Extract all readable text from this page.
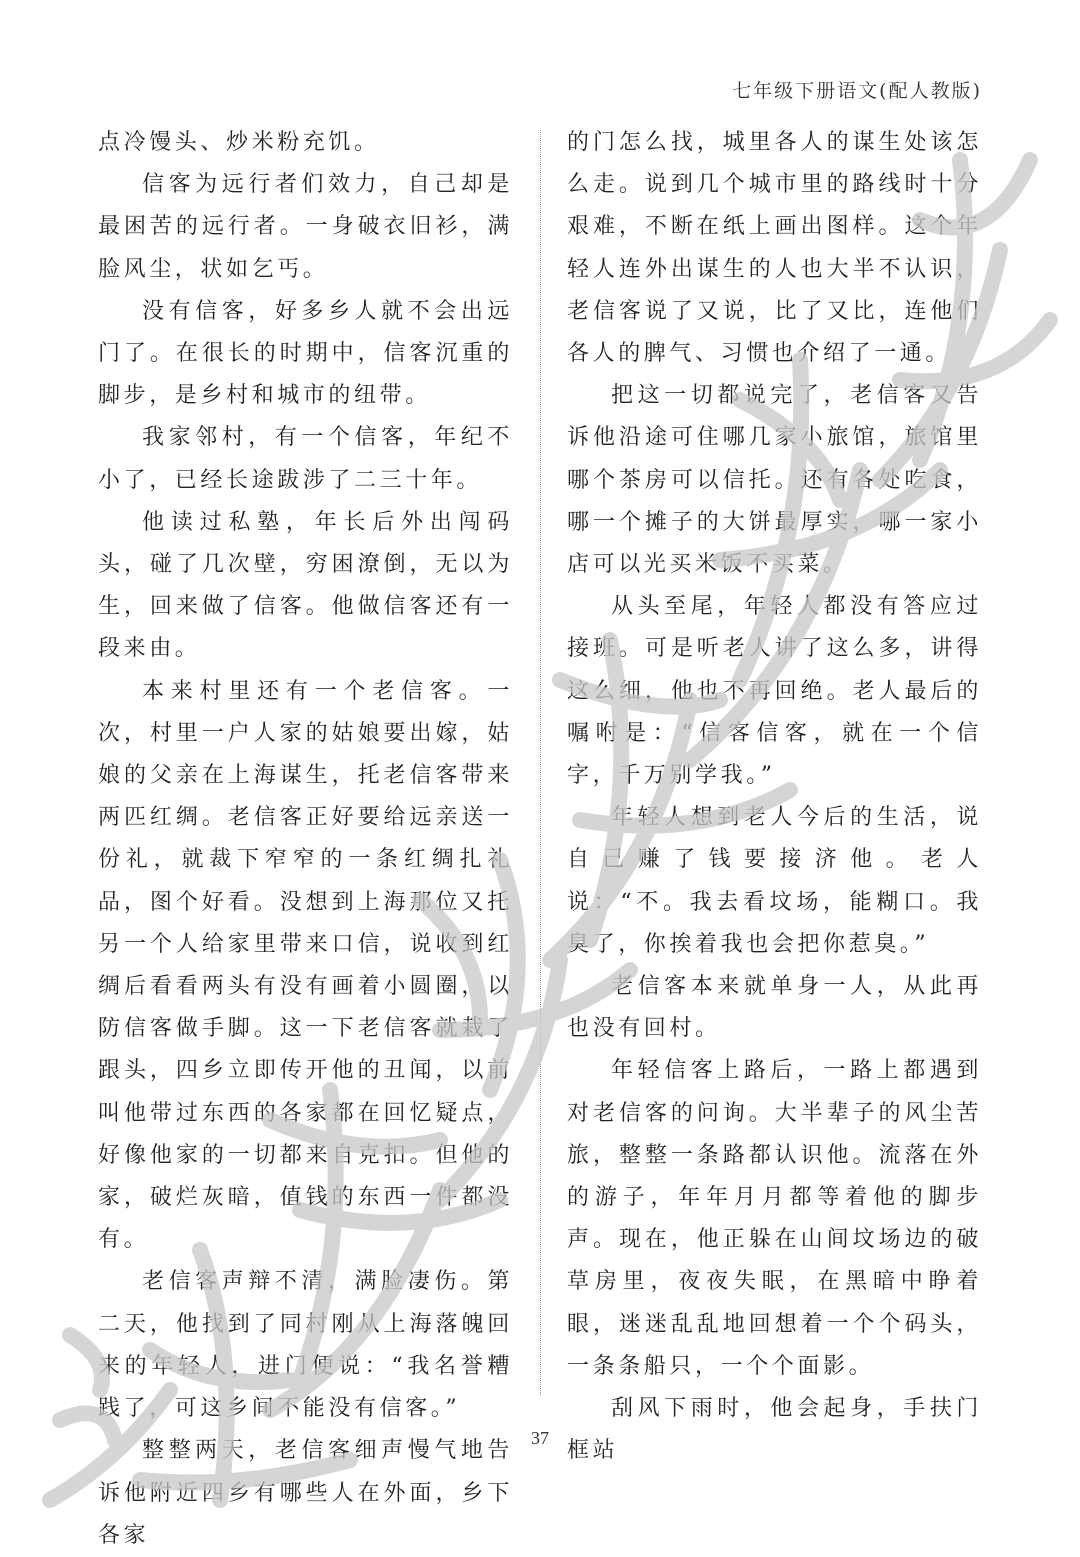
七年级下册语文(配人教版)

点冷馒头、炒米粉充饥。

信客为远行者们效力，自己却是最困苦的远行者。一身破衣旧衫，满脸风尘，状如乞丐。

没有信客，好多乡人就不会出远门了。在很长的时期中，信客沉重的脚步，是乡村和城市的纽带。

我家邻村，有一个信客，年纪不小了，已经长途跋涉了二三十年。

他读过私塾，年长后外出闯码头，碰了几次壁，穷困潦倒，无以为生，回来做了信客。他做信客还有一段来由。

本来村里还有一个老信客。一次，村里一户人家的姑娘要出嫁，姑娘的父亲在上海谋生，托老信客带来两匹红绸。老信客正好要给远亲送一份礼，就裁下窄窄的一条红绸扎礼品，图个好看。没想到上海那位又托另一个人给家里带来口信，说收到红绸后看看两头有没有画着小圆圈，以防信客做手脚。这一下老信客就栽了跟头，四乡立即传开他的丑闻，以前叫他带过东西的各家都在回忆疑点，好像他家的一切都来自克扣。但他的家，破烂灰暗，值钱的东西一件都没有。

老信客声辩不清，满脸凄伤。第二天，他找到了同村刚从上海落魄回来的年轻人，进门便说：“我名誉糟践了，可这乡间不能没有信客。”

整整两天，老信客细声慢气地告诉他附近四乡有哪些人在外面，乡下各家

的门怎么找，城里各人的谋生处该怎么走。说到几个城市里的路线时十分艰难，不断在纸上画出图样。这个年轻人连外出谋生的人也大半不认识，老信客说了又说，比了又比，连他们各人的脾气、习惯也介绍了一通。

把这一切都说完了，老信客又告诉他沿途可住哪几家小旅馆，旅馆里哪个茶房可以信托。还有各处吃食，哪一个摊子的大饼最厚实，哪一家小店可以光买米饭不买菜。

从头至尾，年轻人都没有答应过接班。可是听老人讲了这么多，讲得这么细，他也不再回绝。老人最后的嘱咐是：“信客信客，就在一个信字，千万别学我。”

年轻人想到老人今后的生活，说自己赚了钱要接济他。老人说：“不。我去看坟场，能糊口。我臭了，你挨着我也会把你惹臭。”

老信客本来就单身一人，从此再也没有回村。

年轻信客上路后，一路上都遇到对老信客的问询。大半辈子的风尘苦旅，整整一条路都认识他。流落在外的游子，年年月月都等着他的脚步声。现在，他正躲在山间坟场边的破草房里，夜夜失眠，在黑暗中睁着眼，迷迷乱乱地回想着一个个码头，一条条船只，一个个面影。

刮风下雨时，他会起身，手扶门框站

37
